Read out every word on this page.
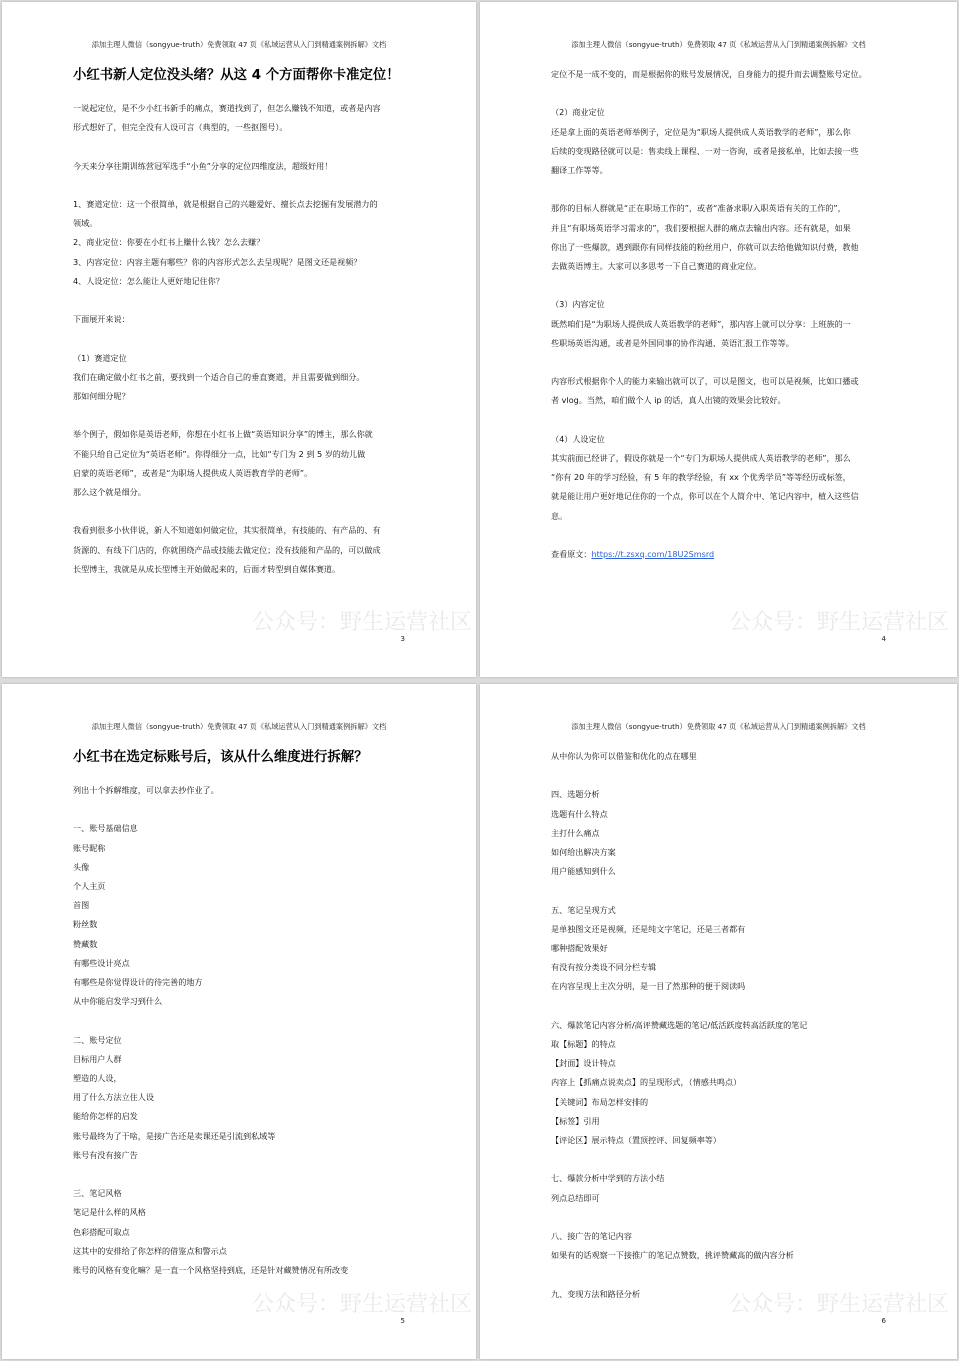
添加主理人微信（songyue-truth）免费领取 47 页《私域运营从入门到精通案例拆解》文档
小红书新人定位没头绪？从这 4 个方面帮你卡准定位！
一说起定位，是不少小红书新手的痛点，赛道找到了，但怎么赚钱不知道，或者是内容
形式想好了，但完全没有人设可言（典型的，一些抠图号）。
今天来分享往期训练营冠军选手“小鱼”分享的定位四维度法，超级好用！
1、赛道定位：这一个很简单，就是根据自己的兴趣爱好、擅长点去挖掘有发展潜力的
领域。
2、商业定位：你要在小红书上赚什么钱？怎么去赚？
3、内容定位：内容主题有哪些？你的内容形式怎么去呈现呢？是图文还是视频？
4、人设定位：怎么能让人更好地记住你？
下面展开来说：
（1）赛道定位
我们在确定做小红书之前，要找到一个适合自己的垂直赛道，并且需要做到细分。
那如何细分呢？
举个例子，假如你是英语老师，你想在小红书上做“英语知识分享”的博主，那么你就
不能只给自己定位为“英语老师”。你得细分一点，比如“专门为 2 到 5 岁的幼儿做
启蒙的英语老师”，或者是“为职场人提供成人英语教育学的老师”。
那么这个就是细分。
我看到很多小伙伴说，新人不知道如何做定位，其实很简单，有技能的、有产品的、有
货源的、有线下门店的，你就围绕产品或技能去做定位；没有技能和产品的，可以做成
长型博主，我就是从成长型博主开始做起来的，后面才转型到自媒体赛道。
公众号：野生运营社区
3
添加主理人微信（songyue-truth）免费领取 47 页《私域运营从入门到精通案例拆解》文档
定位不是一成不变的，而是根据你的账号发展情况，自身能力的提升而去调整账号定位。
（2）商业定位
还是拿上面的英语老师举例子，定位是为“职场人提供成人英语教学的老师”，那么你
后续的变现路径就可以是：售卖线上课程、一对一咨询，或者是接私单，比如去接一些
翻译工作等等。
那你的目标人群就是“正在职场工作的”，或者“准备求职/入职英语有关的工作的”，
并且“有职场英语学习需求的”，我们要根据人群的痛点去输出内容。还有就是，如果
你出了一些爆款，遇到跟你有同样技能的粉丝用户，你就可以去给他做知识付费，教他
去做英语博主。大家可以多思考一下自己赛道的商业定位。
（3）内容定位
既然咱们是“为职场人提供成人英语教学的老师”，那内容上就可以分享：上班族的一
些职场英语沟通，或者是外国同事的协作沟通、英语汇报工作等等。
内容形式根据你个人的能力来输出就可以了，可以是图文，也可以是视频，比如口播或
者 vlog。当然，咱们做个人 ip 的话，真人出镜的效果会比较好。
（4）人设定位
其实前面已经讲了，假设你就是一个“专门为职场人提供成人英语教学的老师”，那么
“你有 20 年的学习经验，有 5 年的教学经验，有 xx 个优秀学员”等等经历或标签，
就是能让用户更好地记住你的一个点，你可以在个人简介中、笔记内容中，植入这些信
息。
查看原文：https://t.zsxq.com/18U2Smsrd
公众号：野生运营社区
4
添加主理人微信（songyue-truth）免费领取 47 页《私域运营从入门到精通案例拆解》文档
小红书在选定标账号后，该从什么维度进行拆解？
列出十个拆解维度，可以拿去抄作业了。
一、账号基础信息
账号昵称
头像
个人主页
首图
粉丝数
赞藏数
有哪些设计亮点
有哪些是你觉得设计的待完善的地方
从中你能启发学习到什么
二、账号定位
目标用户人群
塑造的人设，
用了什么方法立住人设
能给你怎样的启发
账号最终为了干啥，是接广告还是卖课还是引流到私域等
账号有没有接广告
三、笔记风格
笔记是什么样的风格
色彩搭配可取点
这其中的安排给了你怎样的借鉴点和警示点
账号的风格有变化嘛？是一直一个风格坚持到底，还是针对藏赞情况有所改变
公众号：野生运营社区
5
添加主理人微信（songyue-truth）免费领取 47 页《私域运营从入门到精通案例拆解》文档
从中你认为你可以借鉴和优化的点在哪里
四、选题分析
选题有什么特点
主打什么痛点
如何给出解决方案
用户能感知到什么
五、笔记呈现方式
是单独图文还是视频，还是纯文字笔记，还是三者都有
哪种搭配效果好
有没有按分类设不同分栏专辑
在内容呈现上主次分明，是一目了然那种的便于阅读吗
六、爆款笔记内容分析/高评赞藏选题的笔记/低活跃度转高活跃度的笔记
取【标题】的特点
【封面】设计特点
内容上【抓痛点说卖点】的呈现形式，（情感共鸣点）
【关键词】布局怎样安排的
【标签】引用
【评论区】展示特点（置顶控评、回复频率等）
七、爆款分析中学到的方法小结
列点总结即可
八、接广告的笔记内容
如果有的话观察一下接推广的笔记点赞数，挑评赞藏高的做内容分析
九、变现方法和路径分析	公众号：野生运营社区
6
